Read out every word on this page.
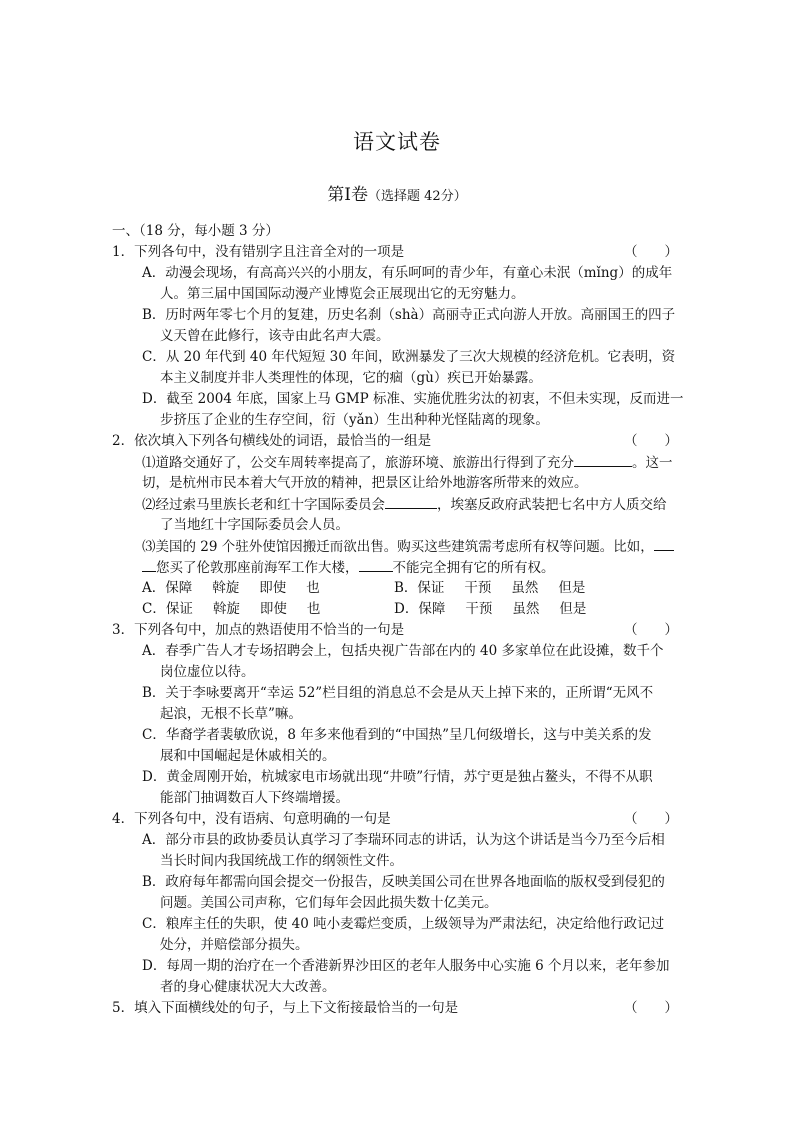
语文试卷
第Ⅰ卷（选择题 42分）
一、（18 分，每小题 3 分）
1．下列各句中，没有错别字且注音全对的一项是	（　　）
A．动漫会现场，有高高兴兴的小朋友，有乐呵呵的青少年，有童心未泯（mǐng）的成年
人。第三届中国国际动漫产业博览会正展现出它的无穷魅力。
B．历时两年零七个月的复建，历史名刹（shà）高丽寺正式向游人开放。高丽国王的四子
义天曾在此修行，该寺由此名声大震。
C．从 20 年代到 40 年代短短 30 年间，欧洲暴发了三次大规模的经济危机。它表明，资
本主义制度并非人类理性的体现，它的痼（gù）疾已开始暴露。
D．截至 2004 年底，国家上马 GMP 标准、实施优胜劣汰的初衷，不但未实现，反而进一
步挤压了企业的生存空间，衍（yǎn）生出种种光怪陆离的现象。
2．依次填入下列各句横线处的词语，最恰当的一组是	（　　）
⑴道路交通好了，公交车周转率提高了，旅游环境、旅游出行得到了充分	。这一
切，是杭州市民本着大气开放的精神，把景区让给外地游客所带来的效应。
⑵经过索马里族长老和红十字国际委员会	，埃塞反政府武装把七名中方人质交给
了当地红十字国际委员会人员。
⑶美国的 29 个驻外使馆因搬迁而欲出售。购买这些建筑需考虑所有权等问题。比如，
您买了伦敦那座前海军工作大楼，	不能完全拥有它的所有权。
A．保障 斡旋 即使 也	B．保证 干预 虽然 但是
C．保证 斡旋 即使 也	D．保障 干预 虽然 但是
3．下列各句中，加点的熟语使用不恰当的一句是	（　　）
A．春季广告人才专场招聘会上，包括央视广告部在内的 40 多家单位在此设摊，数千个
岗位虚位以待。
B．关于李咏要离开“幸运 52”栏目组的消息总不会是从天上掉下来的，正所谓“无风不
起浪，无根不长草”嘛。
C．华裔学者裴敏欣说，8 年多来他看到的“中国热”呈几何级增长，这与中美关系的发
展和中国崛起是休戚相关的。
D．黄金周刚开始，杭城家电市场就出现“井喷”行情，苏宁更是独占鳌头，不得不从职
能部门抽调数百人下终端增援。
4．下列各句中，没有语病、句意明确的一句是	（　　）
A．部分市县的政协委员认真学习了李瑞环同志的讲话，认为这个讲话是当今乃至今后相
当长时间内我国统战工作的纲领性文件。
B．政府每年都需向国会提交一份报告，反映美国公司在世界各地面临的版权受到侵犯的
问题。美国公司声称，它们每年会因此损失数十亿美元。
C．粮库主任的失职，使 40 吨小麦霉烂变质，上级领导为严肃法纪，决定给他行政记过
处分，并赔偿部分损失。
D．每周一期的治疗在一个香港新界沙田区的老年人服务中心实施 6 个月以来，老年参加
者的身心健康状况大大改善。
5．填入下面横线处的句子，与上下文衔接最恰当的一句是	（　　）
